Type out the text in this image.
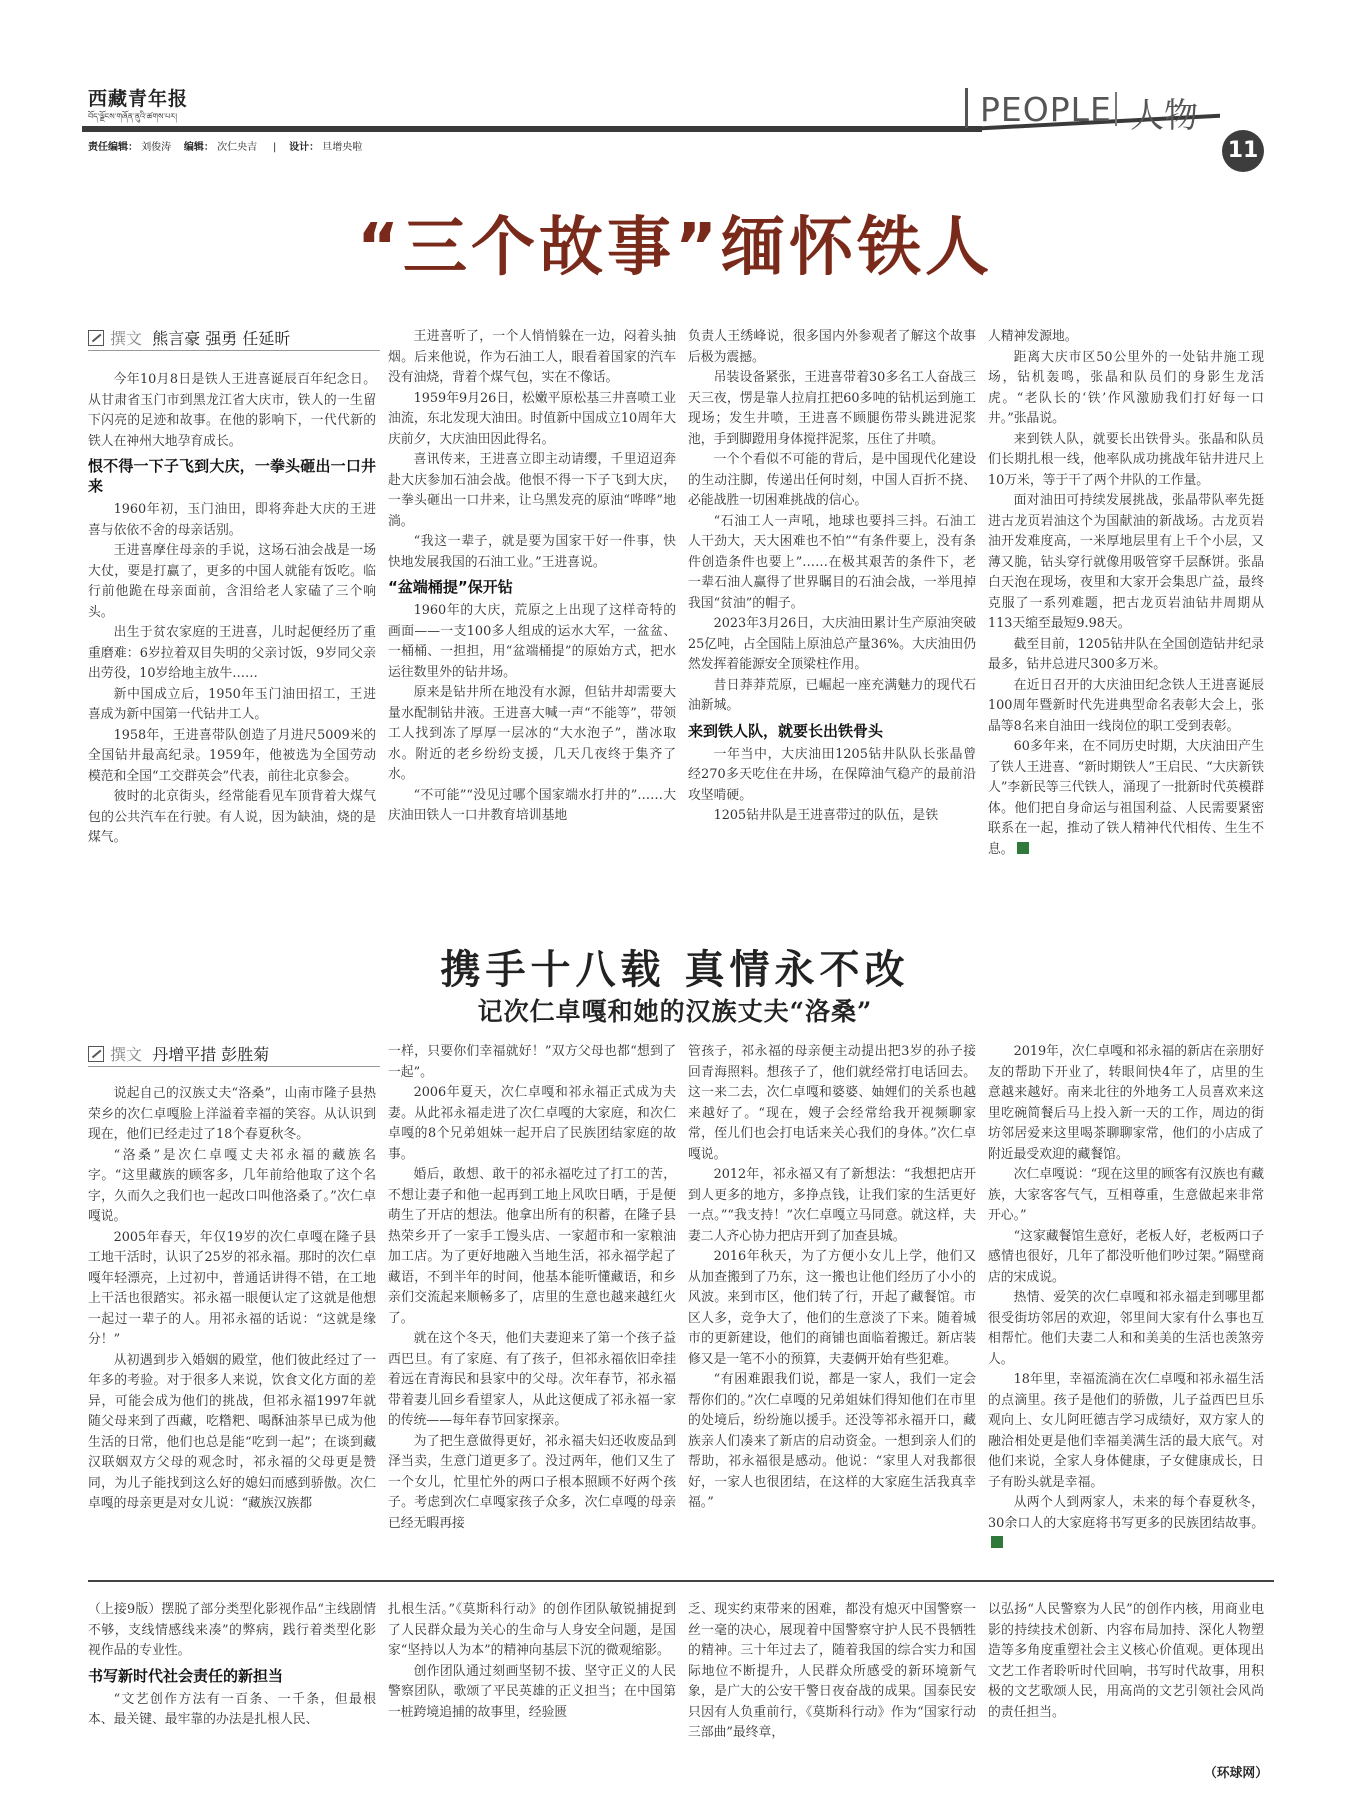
西藏青年报
བོད་ལྗོངས་གཞོན་ནུའི་ཚགས་པར།
责任编辑： 刘俊涛 编辑： 次仁央吉 | 设计： 旦增央啦
PEOPLE 人物
11
“三个故事”缅怀铁人
撰文 熊言豪 强勇 任延昕

今年10月8日是铁人王进喜诞辰百年纪念日。从甘肃省玉门市到黑龙江省大庆市，铁人的一生留下闪亮的足迹和故事。在他的影响下，一代代新的铁人在神州大地孕育成长。

恨不得一下子飞到大庆，一拳头砸出一口井来

1960年初，玉门油田，即将奔赴大庆的王进喜与依依不舍的母亲话别。

王进喜摩住母亲的手说，这场石油会战是一场大仗，要是打赢了，更多的中国人就能有饭吃。临行前他跪在母亲面前，含泪给老人家磕了三个响头。

出生于贫农家庭的王进喜，儿时起便经历了重重磨难：6岁拉着双目失明的父亲讨饭，9岁同父亲出劳役，10岁给地主放牛……

新中国成立后，1950年玉门油田招工，王进喜成为新中国第一代钻井工人。

1958年，王进喜带队创造了月进尺5009米的全国钻井最高纪录。1959年，他被选为全国劳动模范和全国“工交群英会”代表，前往北京参会。

彼时的北京街头，经常能看见车顶背着大煤气包的公共汽车在行驶。有人说，因为缺油，烧的是煤气。

王进喜听了，一个人悄悄躲在一边，闷着头抽烟。后来他说，作为石油工人，眼看着国家的汽车没有油烧，背着个煤气包，实在不像话。

1959年9月26日，松嫩平原松基三井喜喷工业油流，东北发现大油田。时值新中国成立10周年大庆前夕，大庆油田因此得名。

喜讯传来，王进喜立即主动请缨，千里迢迢奔赴大庆参加石油会战。他恨不得一下子飞到大庆，一拳头砸出一口井来，让乌黑发亮的原油“哗哗”地淌。

“我这一辈子，就是要为国家干好一件事，快快地发展我国的石油工业。”王进喜说。

“盆端桶提”保开钻

1960年的大庆，荒原之上出现了这样奇特的画面——一支100多人组成的运水大军，一盆盆、一桶桶、一担担，用“盆端桶提”的原始方式，把水运往数里外的钻井场。

原来是钻井所在地没有水源，但钻井却需要大量水配制钻井液。王进喜大喊一声“不能等”，带领工人找到冻了厚厚一层冰的“大水泡子”，凿冰取水。附近的老乡纷纷支援，几天几夜终于集齐了水。

“不可能”“没见过哪个国家端水打井的”……大庆油田铁人一口井教育培训基地

负责人王绣峰说，很多国内外参观者了解这个故事后极为震撼。

吊装设备紧张，王进喜带着30多名工人奋战三天三夜，愣是靠人拉肩扛把60多吨的钻机运到施工现场；发生井喷，王进喜不顾腿伤带头跳进泥浆池，手到脚蹬用身体搅拌泥浆，压住了井喷。

一个个看似不可能的背后，是中国现代化建设的生动注脚，传递出任何时刻，中国人百折不挠、必能战胜一切困难挑战的信心。

“石油工人一声吼，地球也要抖三抖。石油工人干劲大，天大困难也不怕”“有条件要上，没有条件创造条件也要上”……在极其艰苦的条件下，老一辈石油人赢得了世界瞩目的石油会战，一举甩掉我国“贫油”的帽子。

2023年3月26日，大庆油田累计生产原油突破25亿吨，占全国陆上原油总产量36%。大庆油田仍然发挥着能源安全顶梁柱作用。

昔日莽莽荒原，已崛起一座充满魅力的现代石油新城。

来到铁人队，就要长出铁骨头

一年当中，大庆油田1205钻井队队长张晶曾经270多天吃住在井场，在保障油气稳产的最前沿攻坚啃硬。

1205钻井队是王进喜带过的队伍，是铁

人精神发源地。

距离大庆市区50公里外的一处钻井施工现场，钻机轰鸣，张晶和队员们的身影生龙活虎。“老队长的‘铁’作风激励我们打好每一口井。”张晶说。

来到铁人队，就要长出铁骨头。张晶和队员们长期扎根一线，他率队成功挑战年钻井进尺上10万米，等于干了两个井队的工作量。

面对油田可持续发展挑战，张晶带队率先挺进古龙页岩油这个为国献油的新战场。古龙页岩油开发难度高，一米厚地层里有上千个小层，又薄又脆，钻头穿行就像用吸管穿千层酥饼。张晶白天泡在现场，夜里和大家开会集思广益，最终克服了一系列难题，把古龙页岩油钻井周期从113天缩至最短9.98天。

截至目前，1205钻井队在全国创造钻井纪录最多，钻井总进尺300多万米。

在近日召开的大庆油田纪念铁人王进喜诞辰100周年暨新时代先进典型命名表彰大会上，张晶等8名来自油田一线岗位的职工受到表彰。

60多年来，在不同历史时期，大庆油田产生了铁人王进喜、“新时期铁人”王启民、“大庆新铁人”李新民等三代铁人，涌现了一批新时代英模群体。他们把自身命运与祖国利益、人民需要紧密联系在一起，推动了铁人精神代代相传、生生不息。

携手十八载 真情永不改
记次仁卓嘎和她的汉族丈夫“洛桑”
撰文 丹增平措 彭胜菊

说起自己的汉族丈夫“洛桑”，山南市隆子县热荣乡的次仁卓嘎脸上洋溢着幸福的笑容。从认识到现在，他们已经走过了18个春夏秋冬。

“洛桑”是次仁卓嘎丈夫祁永福的藏族名字。“这里藏族的顾客多，几年前给他取了这个名字，久而久之我们也一起改口叫他洛桑了。”次仁卓嘎说。

2005年春天，年仅19岁的次仁卓嘎在隆子县工地干活时，认识了25岁的祁永福。那时的次仁卓嘎年轻漂亮，上过初中，普通话讲得不错，在工地上干活也很踏实。祁永福一眼便认定了这就是他想一起过一辈子的人。用祁永福的话说：“这就是缘分！”

从初遇到步入婚姻的殿堂，他们彼此经过了一年多的考验。对于很多人来说，饮食文化方面的差异，可能会成为他们的挑战，但祁永福1997年就随父母来到了西藏，吃糌粑、喝酥油茶早已成为他生活的日常，他们也总是能“吃到一起”；在谈到藏汉联姻双方父母的观念时，祁永福的父母更是赞同，为儿子能找到这么好的媳妇而感到骄傲。次仁卓嘎的母亲更是对女儿说：“藏族汉族都

一样，只要你们幸福就好！”双方父母也都“想到了一起”。

2006年夏天，次仁卓嘎和祁永福正式成为夫妻。从此祁永福走进了次仁卓嘎的大家庭，和次仁卓嘎的8个兄弟姐妹一起开启了民族团结家庭的故事。

婚后，敢想、敢干的祁永福吃过了打工的苦，不想让妻子和他一起再到工地上风吹日晒，于是便萌生了开店的想法。他拿出所有的积蓄，在隆子县热荣乡开了一家手工馒头店、一家超市和一家粮油加工店。为了更好地融入当地生活，祁永福学起了藏语，不到半年的时间，他基本能听懂藏语，和乡亲们交流起来顺畅多了，店里的生意也越来越红火了。

就在这个冬天，他们夫妻迎来了第一个孩子益西巴旦。有了家庭、有了孩子，但祁永福依旧牵挂着远在青海民和县家中的父母。次年春节，祁永福带着妻儿回乡看望家人，从此这便成了祁永福一家的传统——每年春节回家探亲。

为了把生意做得更好，祁永福夫妇还收废品到泽当卖，生意门道更多了。没过两年，他们又生了一个女儿，忙里忙外的两口子根本照顾不好两个孩子。考虑到次仁卓嘎家孩子众多，次仁卓嘎的母亲已经无暇再接

管孩子，祁永福的母亲便主动提出把3岁的孙子接回青海照料。想孩子了，他们就经常打电话回去。这一来二去，次仁卓嘎和婆婆、妯娌们的关系也越来越好了。“现在，嫂子会经常给我开视频聊家常，侄儿们也会打电话来关心我们的身体。”次仁卓嘎说。

2012年，祁永福又有了新想法：“我想把店开到人更多的地方，多挣点钱，让我们家的生活更好一点。”“我支持！”次仁卓嘎立马同意。就这样，夫妻二人齐心协力把店开到了加查县城。

2016年秋天，为了方便小女儿上学，他们又从加查搬到了乃东，这一搬也让他们经历了小小的风波。来到市区，他们转了行，开起了藏餐馆。市区人多，竞争大了，他们的生意淡了下来。随着城市的更新建设，他们的商铺也面临着搬迁。新店装修又是一笔不小的预算，夫妻俩开始有些犯难。

“有困难跟我们说，都是一家人，我们一定会帮你们的。”次仁卓嘎的兄弟姐妹们得知他们在市里的处境后，纷纷施以援手。还没等祁永福开口，藏族亲人们凑来了新店的启动资金。一想到亲人们的帮助，祁永福很是感动。他说：“家里人对我都很好，一家人也很团结，在这样的大家庭生活我真幸福。”

2019年，次仁卓嘎和祁永福的新店在亲朋好友的帮助下开业了，转眼间快4年了，店里的生意越来越好。南来北往的外地务工人员喜欢来这里吃碗简餐后马上投入新一天的工作，周边的街坊邻居爱来这里喝茶聊聊家常，他们的小店成了附近最受欢迎的藏餐馆。

次仁卓嘎说：“现在这里的顾客有汉族也有藏族，大家客客气气，互相尊重，生意做起来非常开心。”

“这家藏餐馆生意好，老板人好，老板两口子感情也很好，几年了都没听他们吵过架。”隔壁商店的宋成说。

热情、爱笑的次仁卓嘎和祁永福走到哪里都很受街坊邻居的欢迎，邻里间大家有什么事也互相帮忙。他们夫妻二人和和美美的生活也羡煞旁人。

18年里，幸福流淌在次仁卓嘎和祁永福生活的点滴里。孩子是他们的骄傲，儿子益西巴旦乐观向上、女儿阿旺德吉学习成绩好，双方家人的融洽相处更是他们幸福美满生活的最大底气。对他们来说，全家人身体健康，子女健康成长，日子有盼头就是幸福。

从两个人到两家人，未来的每个春夏秋冬，30余口人的大家庭将书写更多的民族团结故事。

（上接9版）摆脱了部分类型化影视作品“主线剧情不够，支线情感线来凑”的弊病，践行着类型化影视作品的专业性。

书写新时代社会责任的新担当

“文艺创作方法有一百条、一千条，但最根本、最关键、最牢靠的办法是扎根人民、

扎根生活。”《莫斯科行动》的创作团队敏锐捕捉到了人民群众最为关心的生命与人身安全问题，是国家“坚持以人为本”的精神向基层下沉的微观缩影。

创作团队通过刻画坚韧不拔、坚守正义的人民警察团队，歌颂了平民英雄的正义担当；在中国第一桩跨境追捕的故事里，经验匮

乏、现实约束带来的困难，都没有熄灭中国警察一丝一毫的决心，展现着中国警察守护人民不畏牺牲的精神。三十年过去了，随着我国的综合实力和国际地位不断提升，人民群众所感受的新环境新气象，是广大的公安干警日夜奋战的成果。国泰民安只因有人负重前行，《莫斯科行动》作为“国家行动三部曲”最终章，

以弘扬“人民警察为人民”的创作内核，用商业电影的持续技术创新、内容布局加持、深化人物塑造等多角度重塑社会主义核心价值观。更体现出文艺工作者聆听时代回响，书写时代故事，用积极的文艺歌颂人民，用高尚的文艺引领社会风尚的责任担当。

（环球网）
